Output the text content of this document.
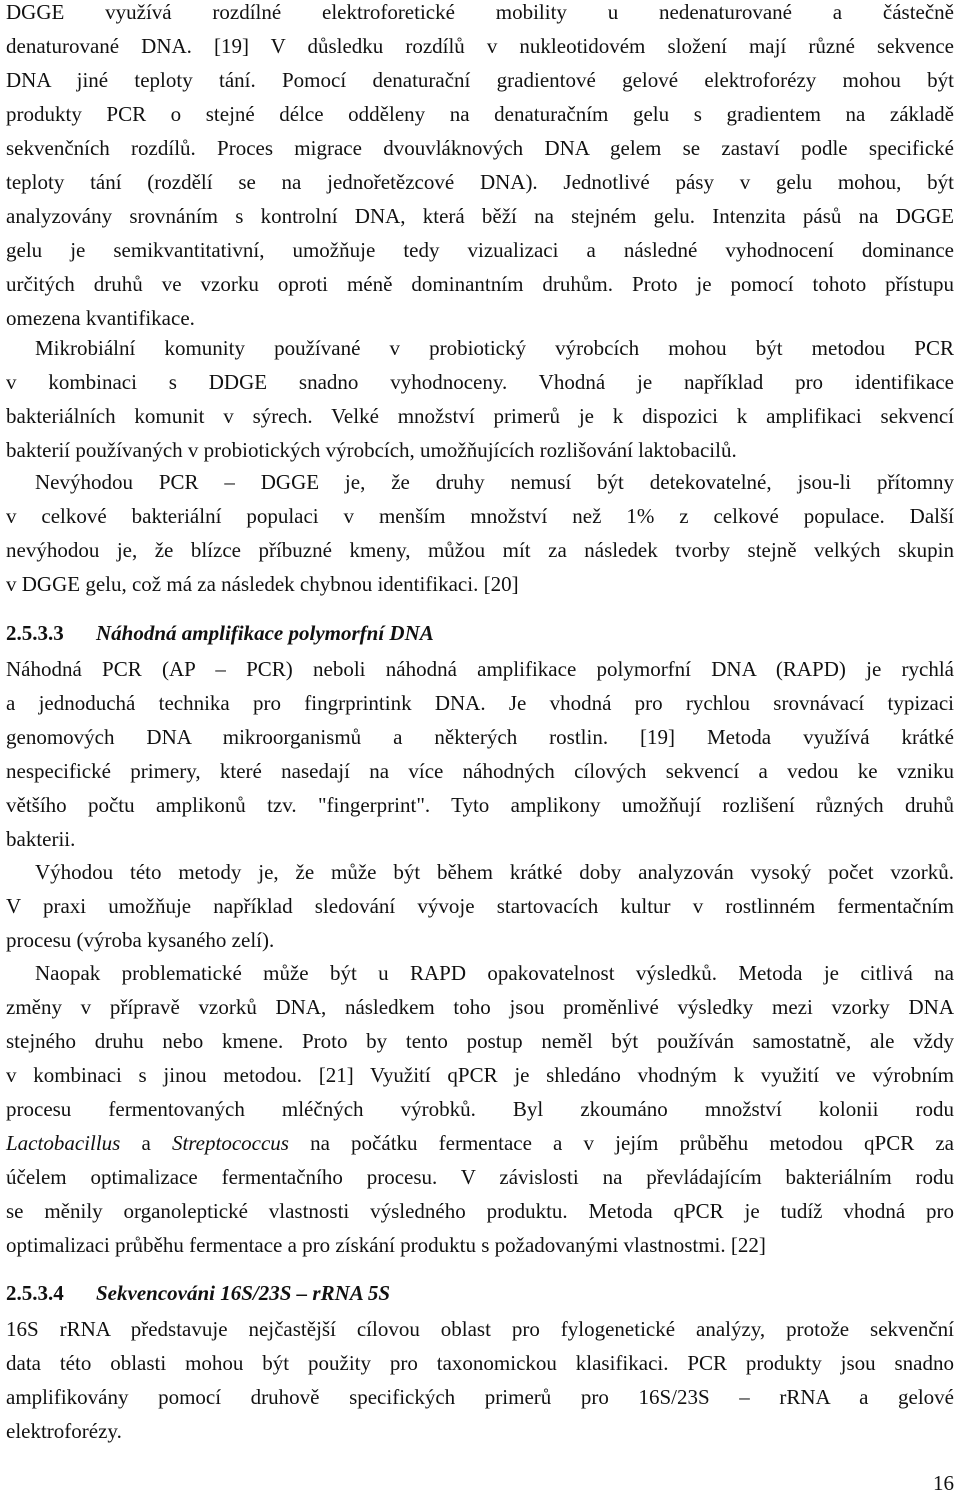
DGGE využívá rozdílné elektroforetické mobility u nedenaturované a částečně
denaturované DNA. [19] V důsledku rozdílů v nukleotidovém složení mají různé sekvence
DNA jiné teploty tání. Pomocí denaturační gradientové gelové elektroforézy mohou být
produkty PCR o stejné délce odděleny na denaturačním gelu s gradientem na základě
sekvenčních rozdílů. Proces migrace dvouvláknových DNA gelem se zastaví podle specifické
teploty tání (rozdělí se na jednořetězcové DNA). Jednotlivé pásy v gelu mohou, být
analyzovány srovnáním s kontrolní DNA, která běží na stejném gelu. Intenzita pásů na DGGE
gelu je semikvantitativní, umožňuje tedy vizualizaci a následné vyhodnocení dominance
určitých druhů ve vzorku oproti méně dominantním druhům. Proto je pomocí tohoto přístupu
omezena kvantifikace.
Mikrobiální komunity používané v probiotický výrobcích mohou být metodou PCR
v kombinaci s DDGE snadno vyhodnoceny. Vhodná je například pro identifikace
bakteriálních komunit v sýrech. Velké množství primerů je k dispozici k amplifikaci sekvencí
bakterií používaných v probiotických výrobcích, umožňujících rozlišování laktobacilů.
Nevýhodou PCR – DGGE je, že druhy nemusí být detekovatelné, jsou-li přítomny
v celkové bakteriální populaci v menším množství než 1% z celkové populace. Další
nevýhodou je, že blízce příbuzné kmeny, můžou mít za následek tvorby stejně velkých skupin
v DGGE gelu, což má za následek chybnou identifikaci. [20]
2.5.3.3 Náhodná amplifikace polymorfní DNA
Náhodná PCR (AP – PCR) neboli náhodná amplifikace polymorfní DNA (RAPD) je rychlá
a jednoduchá technika pro fingrprintink DNA. Je vhodná pro rychlou srovnávací typizaci
genomových DNA mikroorganismů a některých rostlin. [19] Metoda využívá krátké
nespecifické primery, které nasedají na více náhodných cílových sekvencí a vedou ke vzniku
většího počtu amplikonů tzv. "fingerprint". Tyto amplikony umožňují rozlišení různých druhů
bakterii.
Výhodou této metody je, že může být během krátké doby analyzován vysoký počet vzorků.
V praxi umožňuje například sledování vývoje startovacích kultur v rostlinném fermentačním
procesu (výroba kysaného zelí).
Naopak problematické může být u RAPD opakovatelnost výsledků. Metoda je citlivá na
změny v přípravě vzorků DNA, následkem toho jsou proměnlivé výsledky mezi vzorky DNA
stejného druhu nebo kmene. Proto by tento postup neměl být používán samostatně, ale vždy
v kombinaci s jinou metodou. [21] Využití qPCR je shledáno vhodným k využití ve výrobním
procesu fermentovaných mléčných výrobků. Byl zkoumáno množství kolonii rodu
Lactobacillus a Streptococcus na počátku fermentace a v jejím průběhu metodou qPCR za
účelem optimalizace fermentačního procesu. V závislosti na převládajícím bakteriálním rodu
se měnily organoleptické vlastnosti výsledného produktu. Metoda qPCR je tudíž vhodná pro
optimalizaci průběhu fermentace a pro získání produktu s požadovanými vlastnostmi. [22]
2.5.3.4 Sekvencováni 16S/23S – rRNA 5S
16S rRNA představuje nejčastější cílovou oblast pro fylogenetické analýzy, protože sekvenční
data této oblasti mohou být použity pro taxonomickou klasifikaci. PCR produkty jsou snadno
amplifikovány pomocí druhově specifických primerů pro 16S/23S – rRNA a gelové
elektroforézy.
16
